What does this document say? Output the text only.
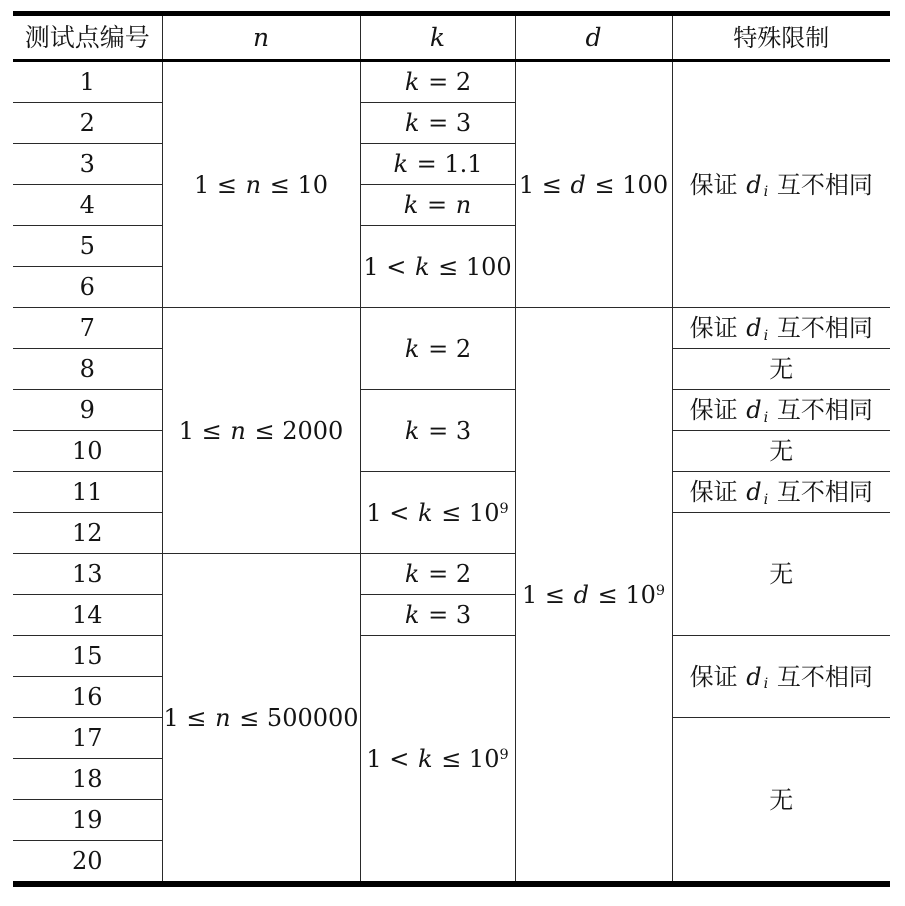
测试点编号	n	k	d	特殊限制
1	1 ≤ n ≤ 10	k = 2	1 ≤ d ≤ 100	保证 d $_i$ 互不相同
2		k = 3		
3		k = 1.1		
4		k = n		
5		1 < k ≤ 100		
6				
7	1 ≤ n ≤ 2000	k = 2	$1 \le d \le 10^9$	保证 d $_i$ 互不相同
8				无
9		k = 3		保证 d $_i$ 互不相同
10				无
11		$1 < k \le 10^9$		保证 d $_i$ 互不相同
12				无
13	1 ≤ n ≤ 500000	k = 2		
14		k = 3		
15		$1 < k \le 10^9$		保证 d $_i$ 互不相同
16				
17				无
18				
19				
20				
